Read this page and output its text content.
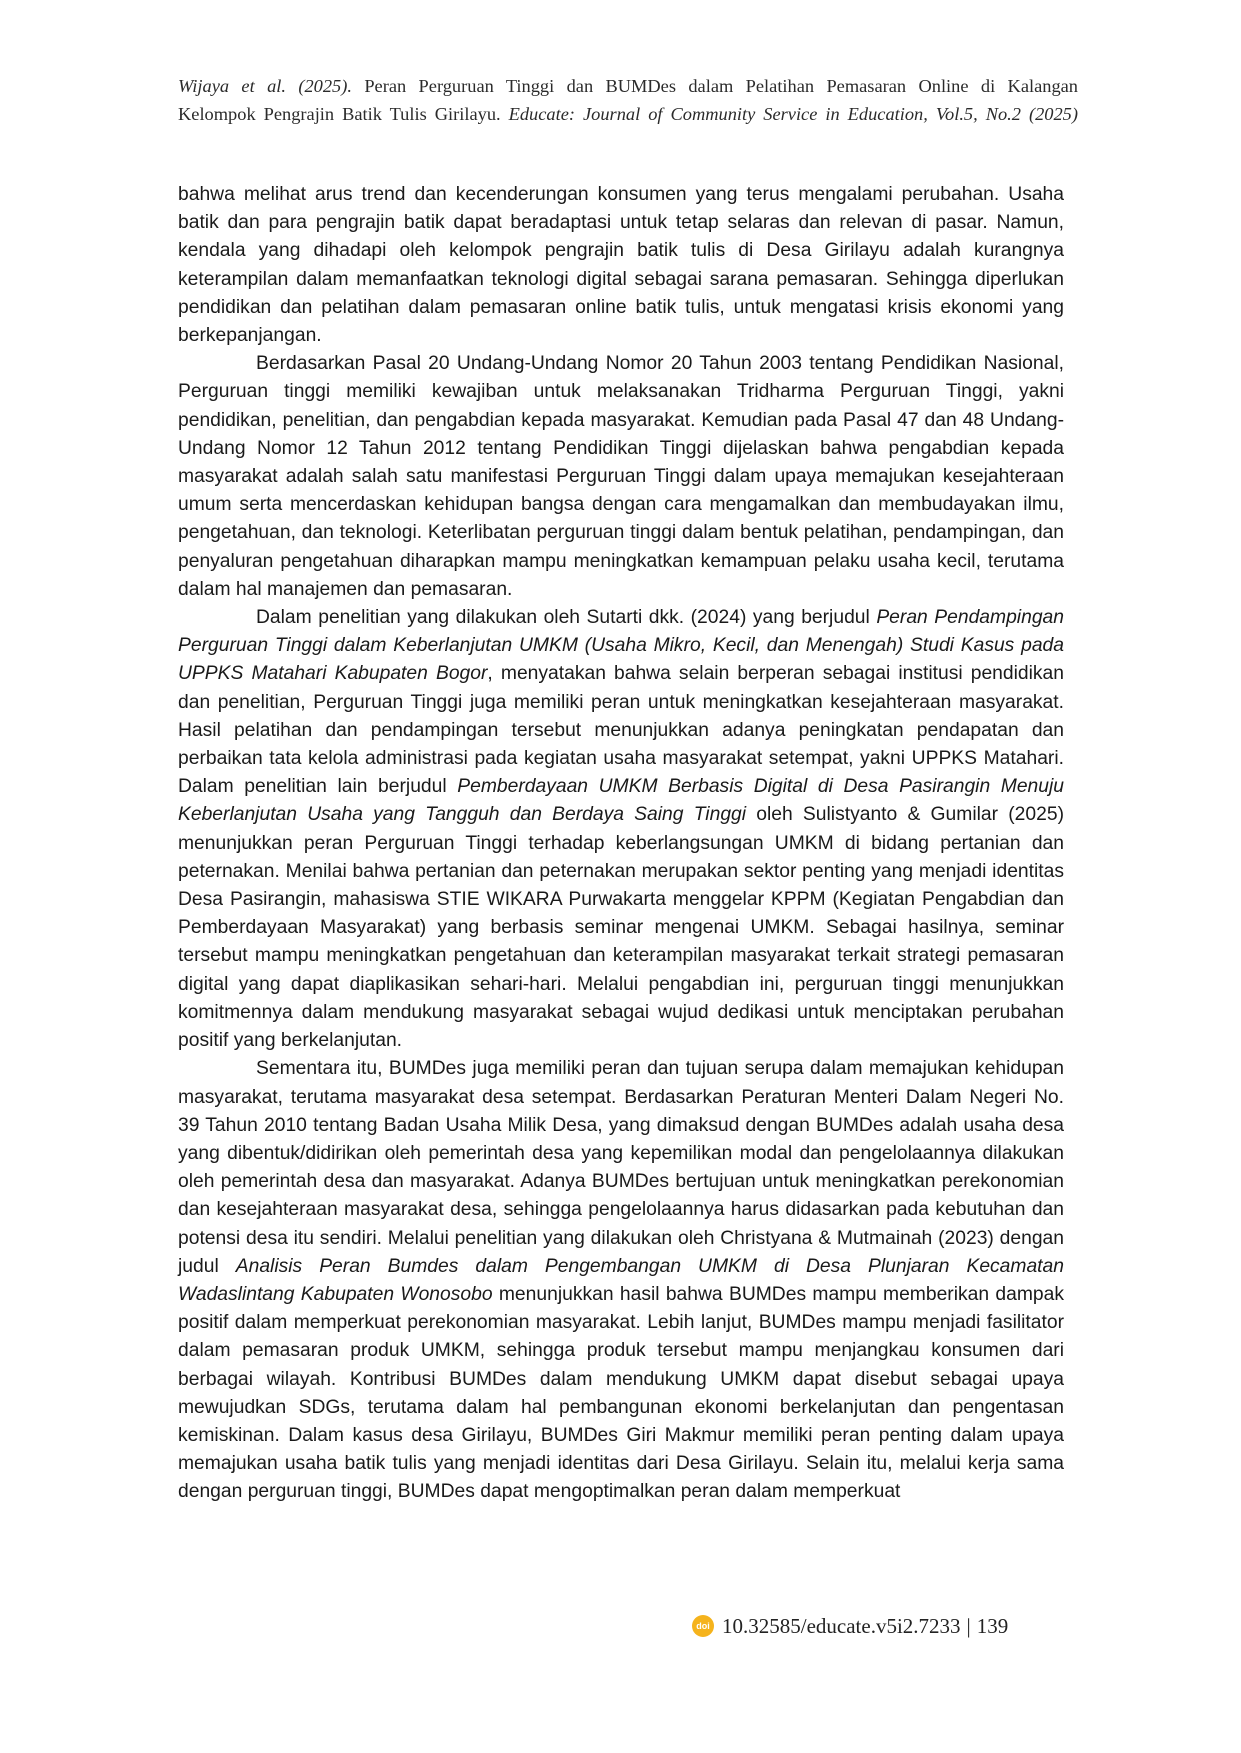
Wijaya et al. (2025). Peran Perguruan Tinggi dan BUMDes dalam Pelatihan Pemasaran Online di Kalangan
Kelompok Pengrajin Batik Tulis Girilayu. Educate: Journal of Community Service in Education, Vol.5, No.2 (2025)

bahwa melihat arus trend dan kecenderungan konsumen yang terus mengalami perubahan. Usaha batik dan para pengrajin batik dapat beradaptasi untuk tetap selaras dan relevan di pasar. Namun, kendala yang dihadapi oleh kelompok pengrajin batik tulis di Desa Girilayu adalah kurangnya keterampilan dalam memanfaatkan teknologi digital sebagai sarana pemasaran. Sehingga diperlukan pendidikan dan pelatihan dalam pemasaran online batik tulis, untuk mengatasi krisis ekonomi yang berkepanjangan.

Berdasarkan Pasal 20 Undang-Undang Nomor 20 Tahun 2003 tentang Pendidikan Nasional, Perguruan tinggi memiliki kewajiban untuk melaksanakan Tridharma Perguruan Tinggi, yakni pendidikan, penelitian, dan pengabdian kepada masyarakat. Kemudian pada Pasal 47 dan 48 Undang-Undang Nomor 12 Tahun 2012 tentang Pendidikan Tinggi dijelaskan bahwa pengabdian kepada masyarakat adalah salah satu manifestasi Perguruan Tinggi dalam upaya memajukan kesejahteraan umum serta mencerdaskan kehidupan bangsa dengan cara mengamalkan dan membudayakan ilmu, pengetahuan, dan teknologi. Keterlibatan perguruan tinggi dalam bentuk pelatihan, pendampingan, dan penyaluran pengetahuan diharapkan mampu meningkatkan kemampuan pelaku usaha kecil, terutama dalam hal manajemen dan pemasaran.

Dalam penelitian yang dilakukan oleh Sutarti dkk. (2024) yang berjudul Peran Pendampingan Perguruan Tinggi dalam Keberlanjutan UMKM (Usaha Mikro, Kecil, dan Menengah) Studi Kasus pada UPPKS Matahari Kabupaten Bogor, menyatakan bahwa selain berperan sebagai institusi pendidikan dan penelitian, Perguruan Tinggi juga memiliki peran untuk meningkatkan kesejahteraan masyarakat. Hasil pelatihan dan pendampingan tersebut menunjukkan adanya peningkatan pendapatan dan perbaikan tata kelola administrasi pada kegiatan usaha masyarakat setempat, yakni UPPKS Matahari. Dalam penelitian lain berjudul Pemberdayaan UMKM Berbasis Digital di Desa Pasirangin Menuju Keberlanjutan Usaha yang Tangguh dan Berdaya Saing Tinggi oleh Sulistyanto & Gumilar (2025) menunjukkan peran Perguruan Tinggi terhadap keberlangsungan UMKM di bidang pertanian dan peternakan. Menilai bahwa pertanian dan peternakan merupakan sektor penting yang menjadi identitas Desa Pasirangin, mahasiswa STIE WIKARA Purwakarta menggelar KPPM (Kegiatan Pengabdian dan Pemberdayaan Masyarakat) yang berbasis seminar mengenai UMKM. Sebagai hasilnya, seminar tersebut mampu meningkatkan pengetahuan dan keterampilan masyarakat terkait strategi pemasaran digital yang dapat diaplikasikan sehari-hari. Melalui pengabdian ini, perguruan tinggi menunjukkan komitmennya dalam mendukung masyarakat sebagai wujud dedikasi untuk menciptakan perubahan positif yang berkelanjutan.

Sementara itu, BUMDes juga memiliki peran dan tujuan serupa dalam memajukan kehidupan masyarakat, terutama masyarakat desa setempat. Berdasarkan Peraturan Menteri Dalam Negeri No. 39 Tahun 2010 tentang Badan Usaha Milik Desa, yang dimaksud dengan BUMDes adalah usaha desa yang dibentuk/didirikan oleh pemerintah desa yang kepemilikan modal dan pengelolaannya dilakukan oleh pemerintah desa dan masyarakat. Adanya BUMDes bertujuan untuk meningkatkan perekonomian dan kesejahteraan masyarakat desa, sehingga pengelolaannya harus didasarkan pada kebutuhan dan potensi desa itu sendiri. Melalui penelitian yang dilakukan oleh Christyana & Mutmainah (2023) dengan judul Analisis Peran Bumdes dalam Pengembangan UMKM di Desa Plunjaran Kecamatan Wadaslintang Kabupaten Wonosobo menunjukkan hasil bahwa BUMDes mampu memberikan dampak positif dalam memperkuat perekonomian masyarakat. Lebih lanjut, BUMDes mampu menjadi fasilitator dalam pemasaran produk UMKM, sehingga produk tersebut mampu menjangkau konsumen dari berbagai wilayah. Kontribusi BUMDes dalam mendukung UMKM dapat disebut sebagai upaya mewujudkan SDGs, terutama dalam hal pembangunan ekonomi berkelanjutan dan pengentasan kemiskinan. Dalam kasus desa Girilayu, BUMDes Giri Makmur memiliki peran penting dalam upaya memajukan usaha batik tulis yang menjadi identitas dari Desa Girilayu. Selain itu, melalui kerja sama dengan perguruan tinggi, BUMDes dapat mengoptimalkan peran dalam memperkuat

doi 10.32585/educate.v5i2.7233 | 139
